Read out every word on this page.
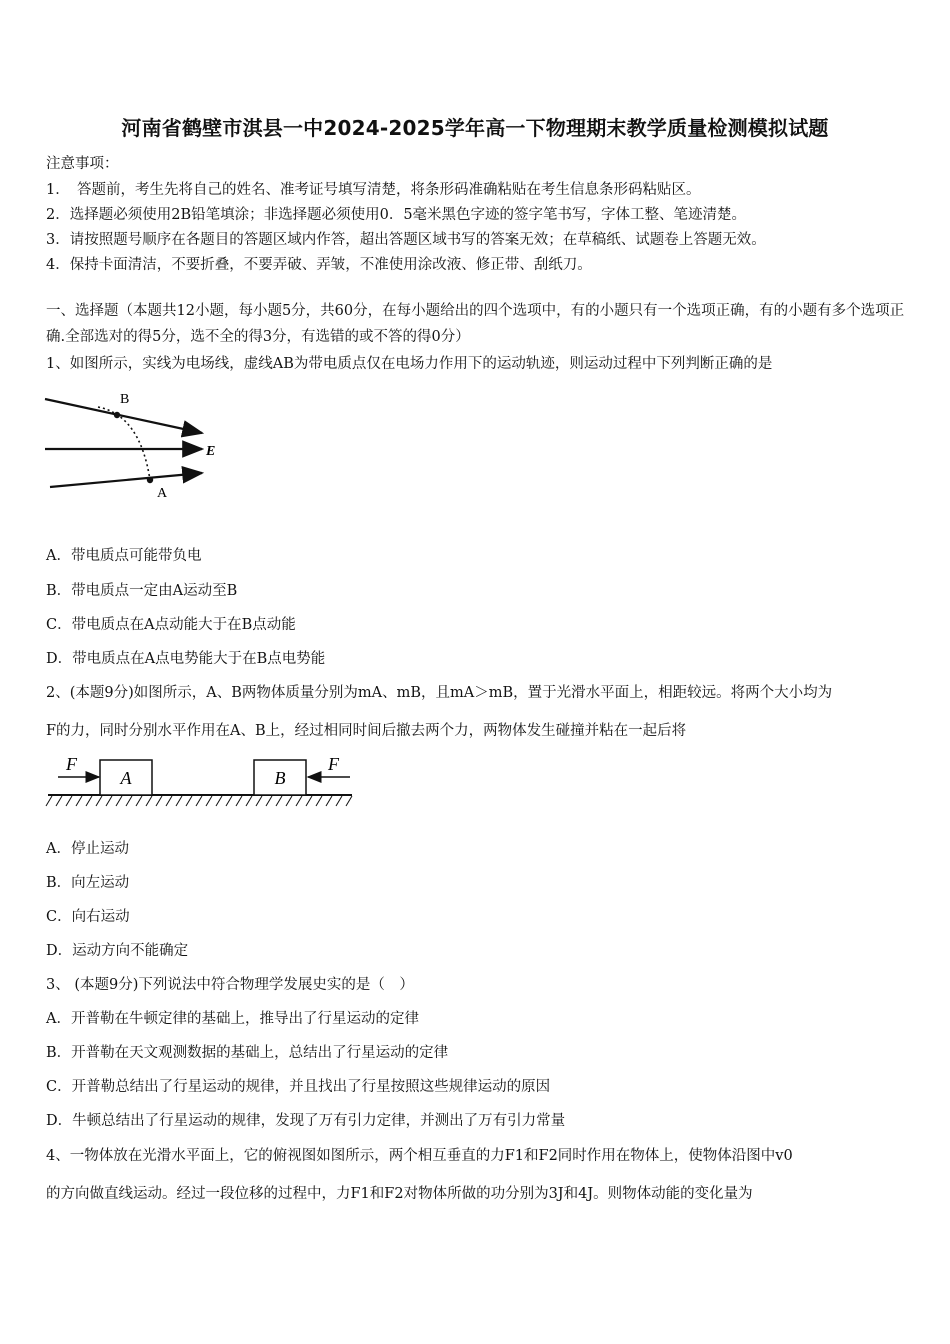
河南省鹤壁市淇县一中2024-2025学年高一下物理期末教学质量检测模拟试题
注意事项：
1．　答题前，考生先将自己的姓名、准考证号填写清楚，将条形码准确粘贴在考生信息条形码粘贴区。
2．选择题必须使用2B铅笔填涂；非选择题必须使用0．5毫米黑色字迹的签字笔书写，字体工整、笔迹清楚。
3．请按照题号顺序在各题目的答题区域内作答，超出答题区域书写的答案无效；在草稿纸、试题卷上答题无效。
4．保持卡面清洁，不要折叠，不要弄破、弄皱，不准使用涂改液、修正带、刮纸刀。
一、选择题（本题共12小题，每小题5分，共60分，在每小题给出的四个选项中，有的小题只有一个选项正确，有的小题有多个选项正确.全部选对的得5分，选不全的得3分，有选错的或不答的得0分）
1、如图所示，实线为电场线，虚线AB为带电质点仅在电场力作用下的运动轨迹，则运动过程中下列判断正确的是
B
A
E
A．带电质点可能带负电
B．带电质点一定由A运动至B
C．带电质点在A点动能大于在B点动能
D．带电质点在A点电势能大于在B点电势能
2、(本题9分)如图所示，A、B两物体质量分别为mA、mB，且mA＞mB，置于光滑水平面上，相距较远。将两个大小均为
F的力，同时分别水平作用在A、B上，经过相同时间后撤去两个力，两物体发生碰撞并粘在一起后将
A	B
F	F
A．停止运动
B．向左运动
C．向右运动
D．运动方向不能确定
3、 (本题9分)下列说法中符合物理学发展史实的是（　）
A．开普勒在牛顿定律的基础上，推导出了行星运动的定律
B．开普勒在天文观测数据的基础上，总结出了行星运动的定律
C．开普勒总结出了行星运动的规律，并且找出了行星按照这些规律运动的原因
D．牛顿总结出了行星运动的规律，发现了万有引力定律，并测出了万有引力常量
4、一物体放在光滑水平面上，它的俯视图如图所示，两个相互垂直的力F1和F2同时作用在物体上，使物体沿图中v0
的方向做直线运动。经过一段位移的过程中，力F1和F2对物体所做的功分别为3J和4J。则物体动能的变化量为
